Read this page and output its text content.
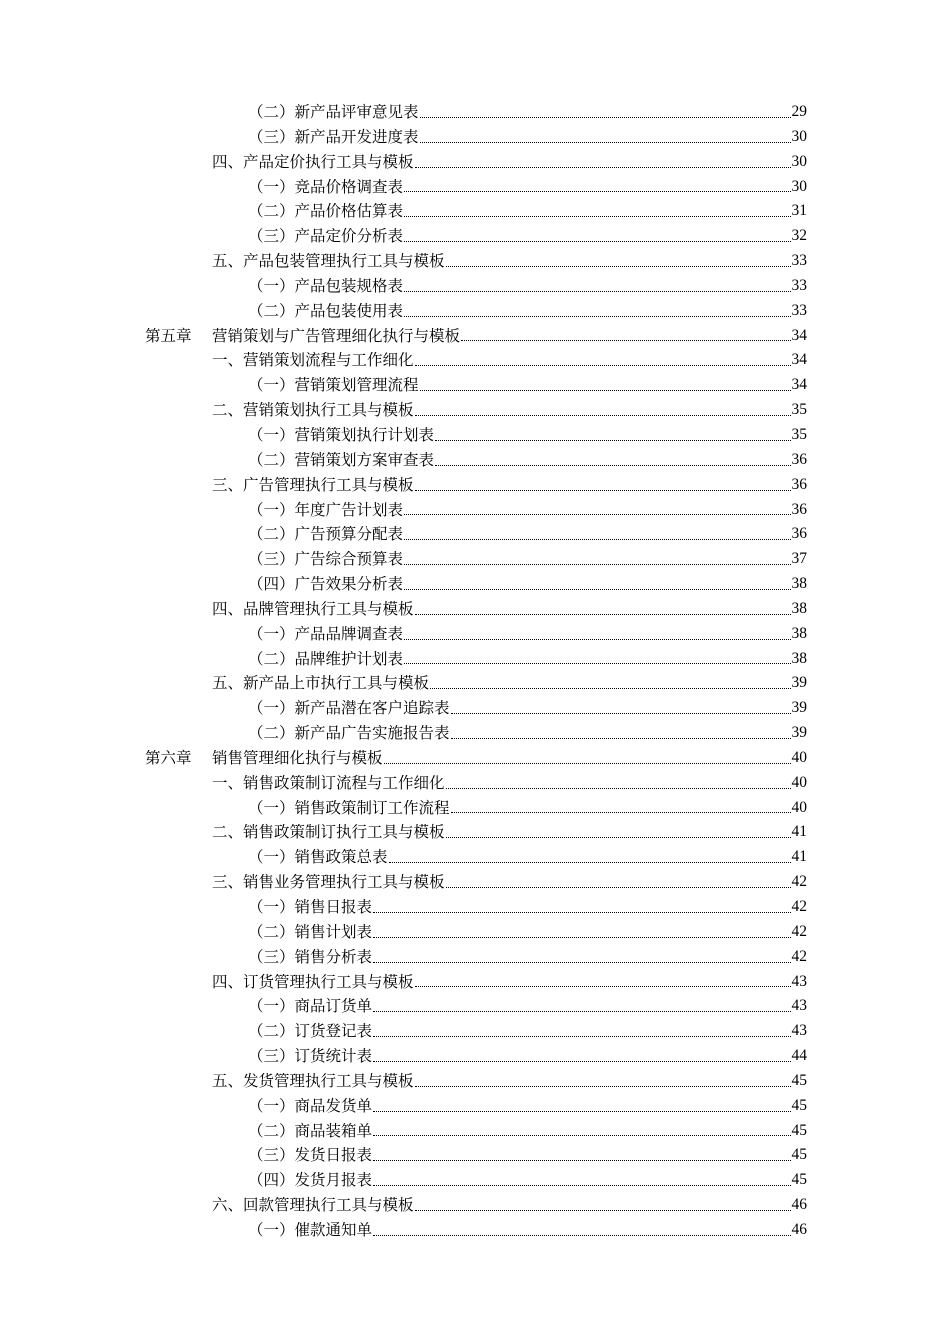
（二）新产品评审意见表	29
（三）新产品开发进度表	30
四、产品定价执行工具与模板	30
（一）竞品价格调查表	30
（二）产品价格估算表	31
（三）产品定价分析表	32
五、产品包装管理执行工具与模板	33
（一）产品包装规格表	33
（二）产品包装使用表	33
第五章	营销策划与广告管理细化执行与模板	34
一、营销策划流程与工作细化	34
（一）营销策划管理流程	34
二、营销策划执行工具与模板	35
（一）营销策划执行计划表	35
（二）营销策划方案审查表	36
三、广告管理执行工具与模板	36
（一）年度广告计划表	36
（二）广告预算分配表	36
（三）广告综合预算表	37
（四）广告效果分析表	38
四、品牌管理执行工具与模板	38
（一）产品品牌调查表	38
（二）品牌维护计划表	38
五、新产品上市执行工具与模板	39
（一）新产品潜在客户追踪表	39
（二）新产品广告实施报告表	39
第六章	销售管理细化执行与模板	40
一、销售政策制订流程与工作细化	40
（一）销售政策制订工作流程	40
二、销售政策制订执行工具与模板	41
（一）销售政策总表	41
三、销售业务管理执行工具与模板	42
（一）销售日报表	42
（二）销售计划表	42
（三）销售分析表	42
四、订货管理执行工具与模板	43
（一）商品订货单	43
（二）订货登记表	43
（三）订货统计表	44
五、发货管理执行工具与模板	45
（一）商品发货单	45
（二）商品装箱单	45
（三）发货日报表	45
（四）发货月报表	45
六、回款管理执行工具与模板	46
（一）催款通知单	46
